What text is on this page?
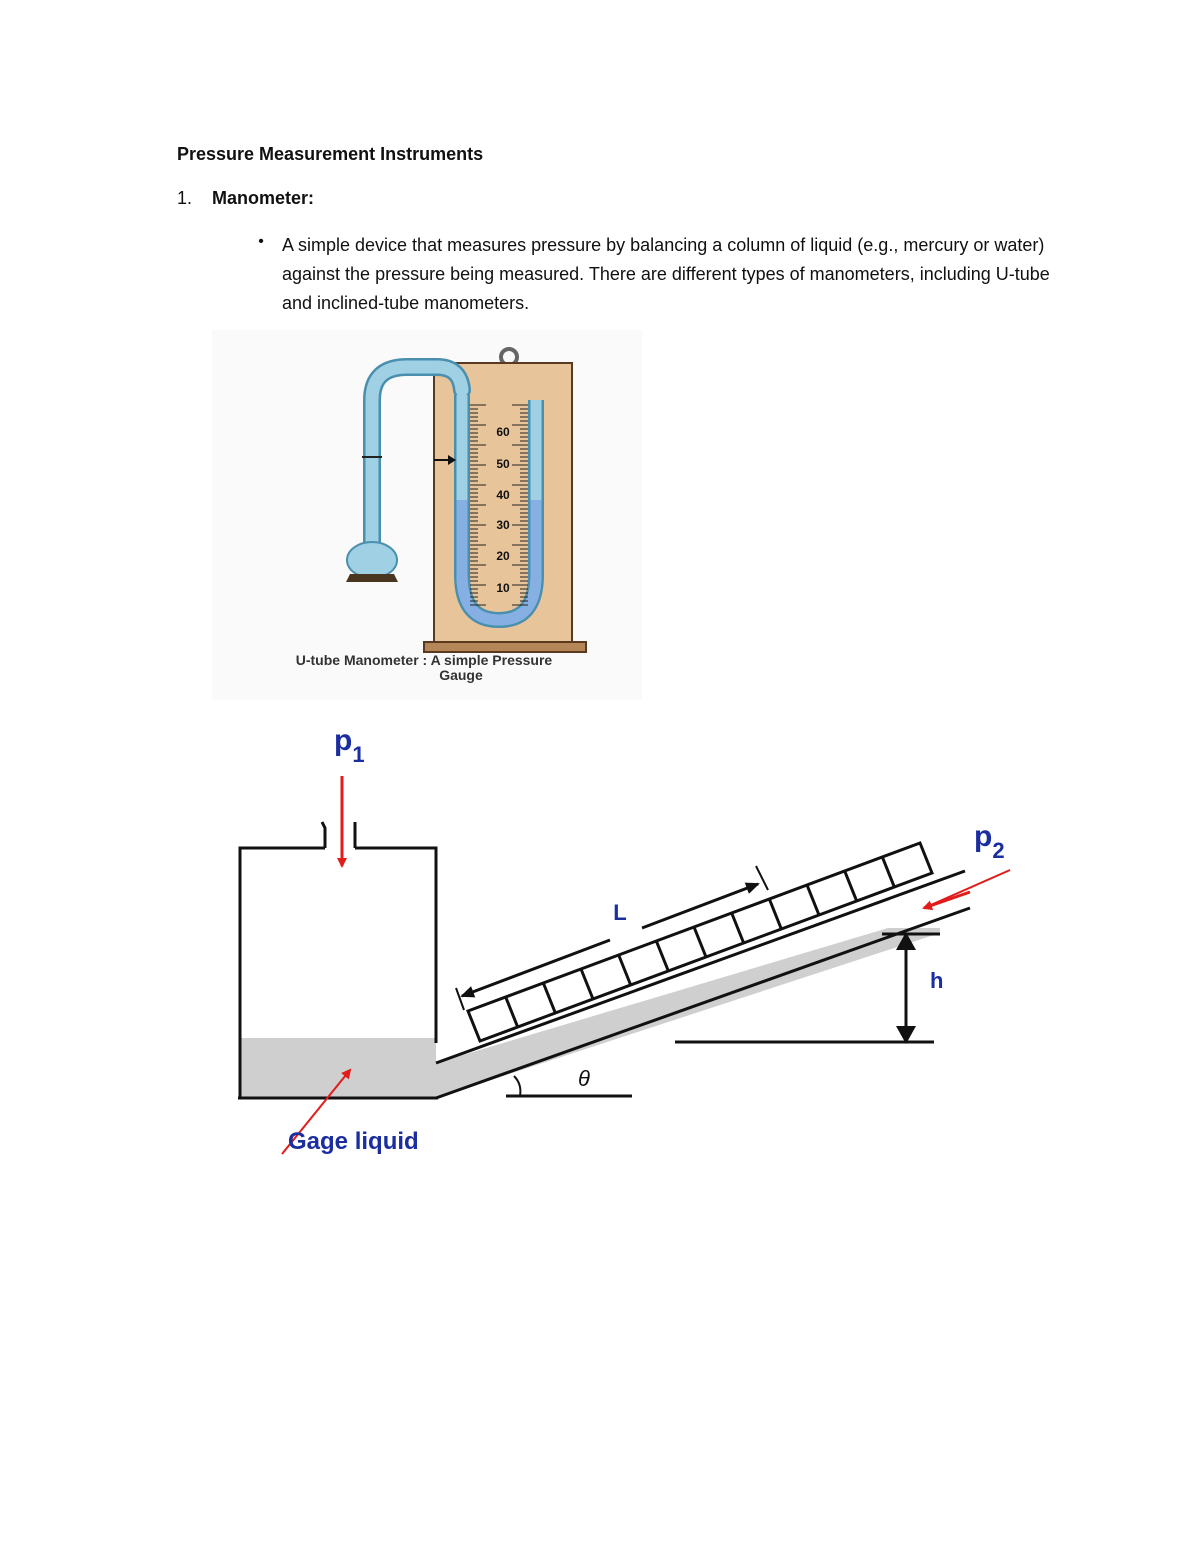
Pressure Measurement Instruments
1. Manometer:
• A simple device that measures pressure by balancing a column of liquid (e.g., mercury or water) against the pressure being measured. There are different types of manometers, including U-tube and inclined-tube manometers.

60
50
40
30
20
10
U-tube Manometer : A simple Pressure
Gauge
L
h
θ
$p_1$
$p_2$
Gage liquid
